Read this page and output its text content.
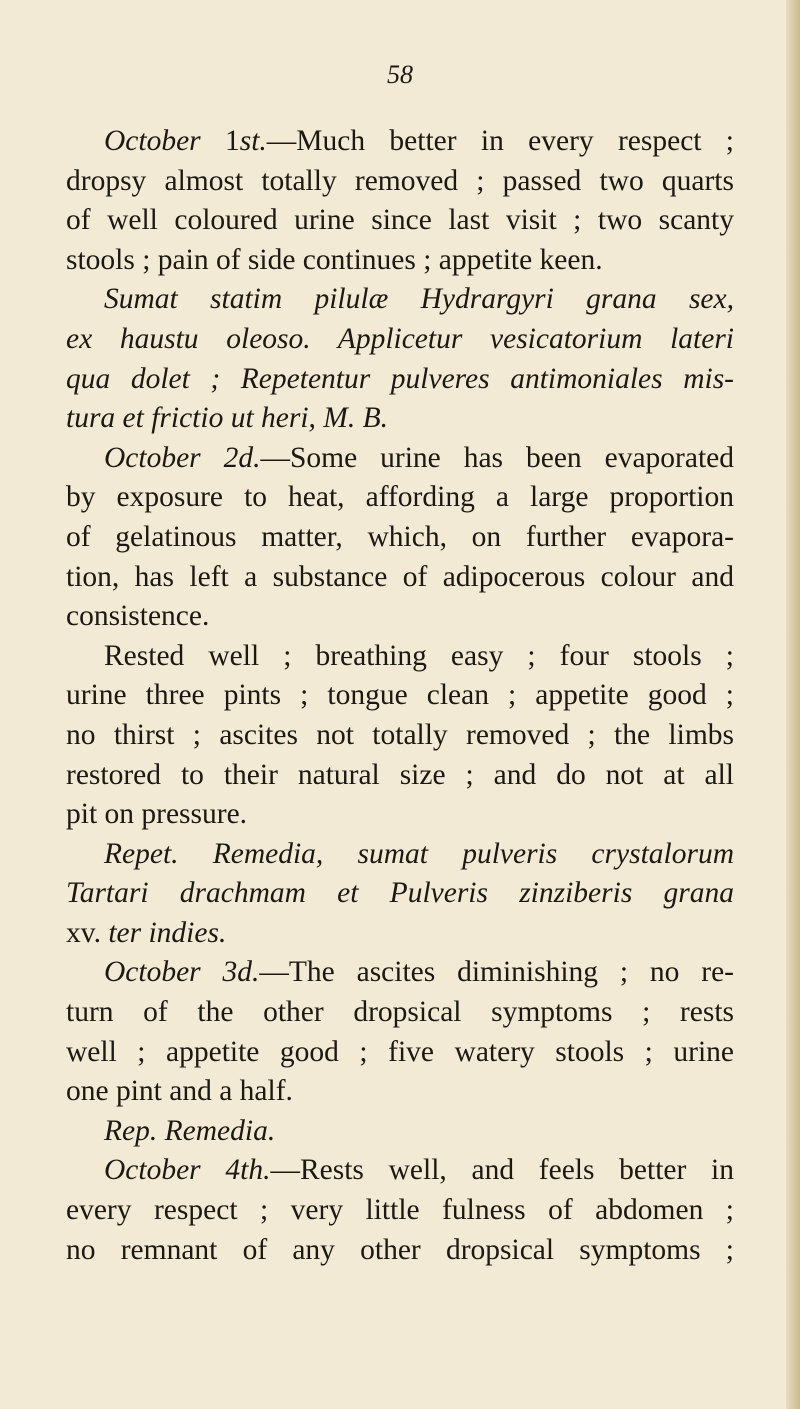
58
October 1st.—Much better in every respect ;
dropsy almost totally removed ; passed two quarts
of well coloured urine since last visit ; two scanty
stools ; pain of side continues ; appetite keen.
Sumat statim pilulæ Hydrargyri grana sex,
ex haustu oleoso. Applicetur vesicatorium lateri
qua dolet ; Repetentur pulveres antimoniales mis-
tura et frictio ut heri, M. B.
October 2d.—Some urine has been evaporated
by exposure to heat, affording a large proportion
of gelatinous matter, which, on further evapora-
tion, has left a substance of adipocerous colour and
consistence.
Rested well ; breathing easy ; four stools ;
urine three pints ; tongue clean ; appetite good ;
no thirst ; ascites not totally removed ; the limbs
restored to their natural size ; and do not at all
pit on pressure.
Repet. Remedia, sumat pulveris crystalorum
Tartari drachmam et Pulveris zinziberis grana
xv. ter indies.
October 3d.—The ascites diminishing ; no re-
turn of the other dropsical symptoms ; rests
well ; appetite good ; five watery stools ; urine
one pint and a half.
Rep. Remedia.
October 4th.—Rests well, and feels better in
every respect ; very little fulness of abdomen ;
no remnant of any other dropsical symptoms ;
